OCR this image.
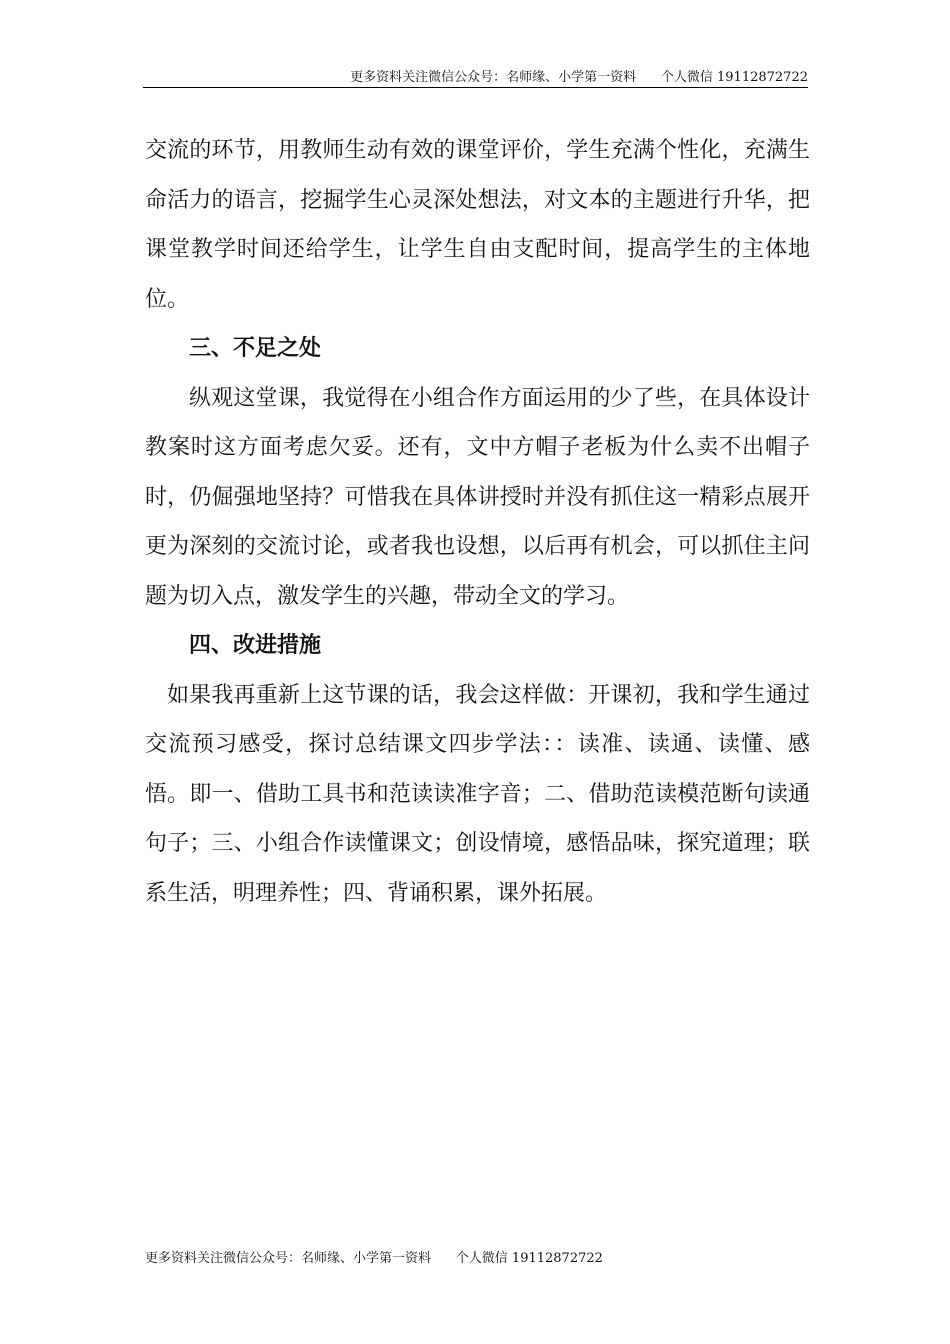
更多资料关注微信公众号：名师缘、小学第一资料      个人微信 19112872722

交流的环节，用教师生动有效的课堂评价，学生充满个性化，充满生命活力的语言，挖掘学生心灵深处想法，对文本的主题进行升华，把课堂教学时间还给学生，让学生自由支配时间，提高学生的主体地位。

三、不足之处

纵观这堂课，我觉得在小组合作方面运用的少了些，在具体设计教案时这方面考虑欠妥。还有，文中方帽子老板为什么卖不出帽子时，仍倔强地坚持？可惜我在具体讲授时并没有抓住这一精彩点展开更为深刻的交流讨论，或者我也设想，以后再有机会，可以抓住主问题为切入点，激发学生的兴趣，带动全文的学习。

四、改进措施

如果我再重新上这节课的话，我会这样做：开课初，我和学生通过交流预习感受，探讨总结课文四步学法：：读准、读通、读懂、感悟。即一、借助工具书和范读读准字音；二、借助范读模范断句读通句子；三、小组合作读懂课文；创设情境，感悟品味，探究道理；联系生活，明理养性；四、背诵积累，课外拓展。

更多资料关注微信公众号：名师缘、小学第一资料      个人微信 19112872722
